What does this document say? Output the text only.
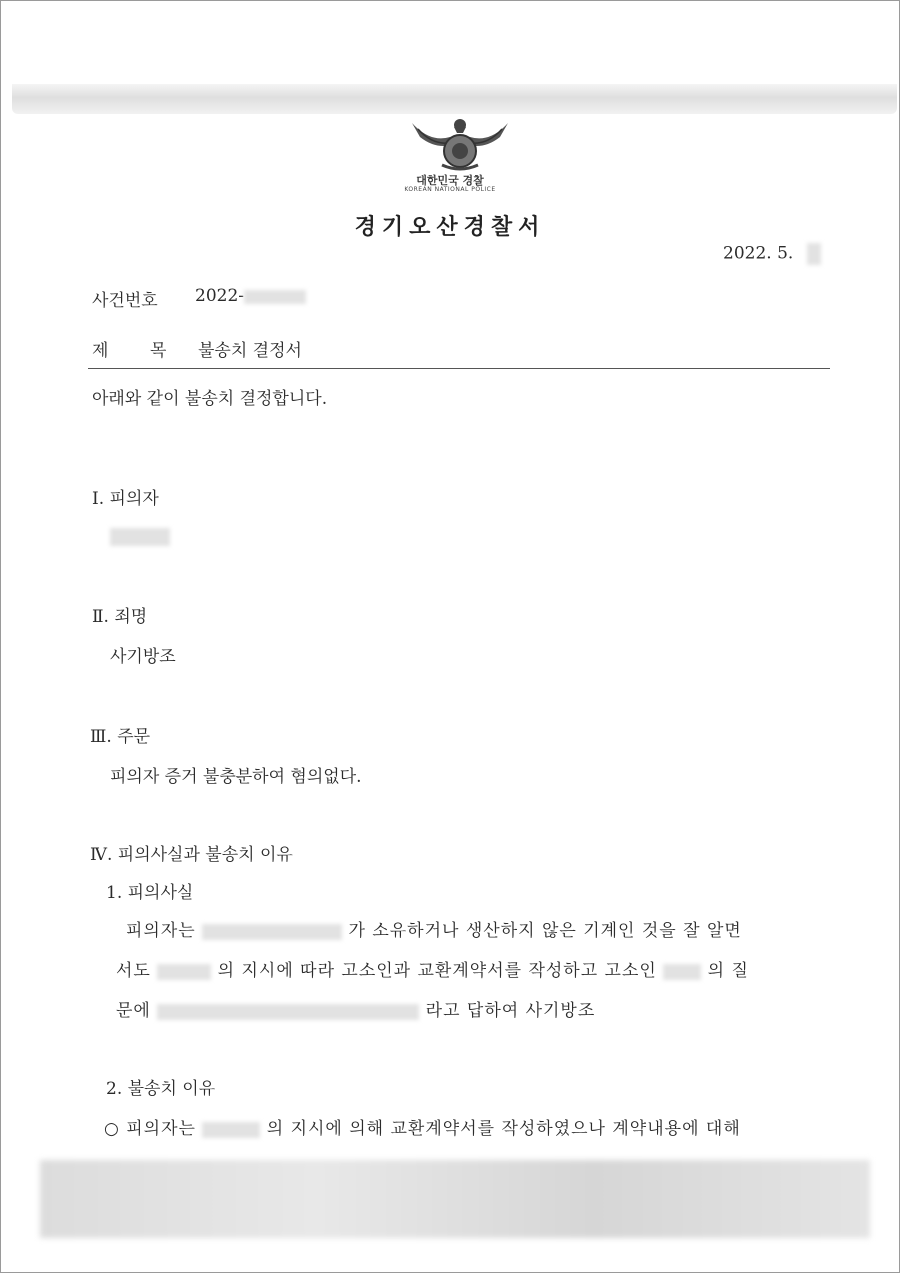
대한민국 경찰
KOREAN NATIONAL POLICE
경기오산경찰서
2022. 5.
사건번호 2022-
제 목 불송치 결정서
아래와 같이 불송치 결정합니다.
Ⅰ. 피의자
Ⅱ. 죄명
사기방조
Ⅲ. 주문
피의자 증거 불충분하여 혐의없다.
Ⅳ. 피의사실과 불송치 이유
1. 피의사실
피의자는	가 소유하거나 생산하지 않은 기계인 것을 잘 알면
서도	의 지시에 따라 고소인과 교환계약서를 작성하고 고소인	의 질
문에	라고 답하여 사기방조
2. 불송치 이유
○ 피의자는	의 지시에 의해 교환계약서를 작성하였으나 계약내용에 대해
